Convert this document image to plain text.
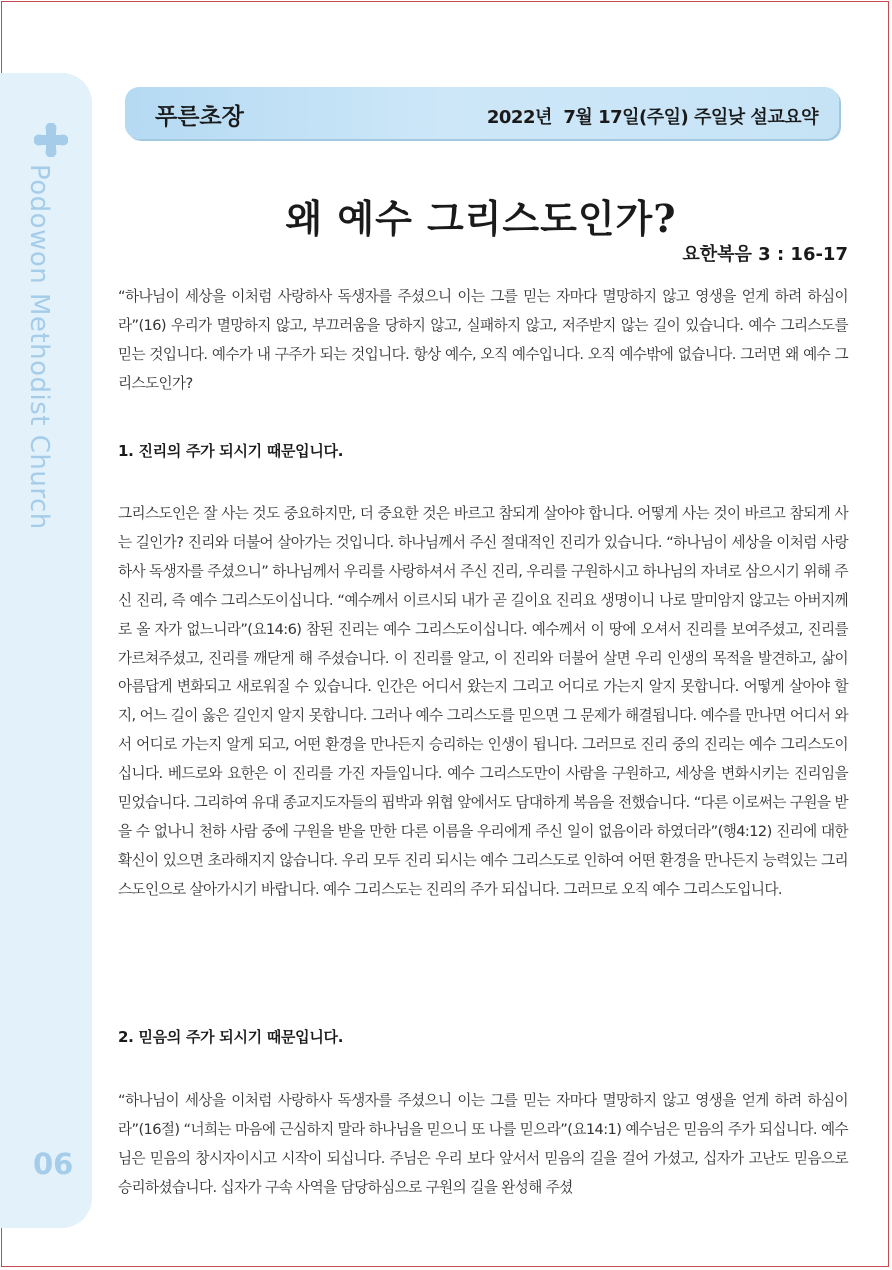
Podowon Methodist Church
06
푸른초장	2022년  7월 17일(주일) 주일낮 설교요약
왜 예수 그리스도인가?
요한복음 3 : 16-17
“하나님이 세상을 이처럼 사랑하사 독생자를 주셨으니 이는 그를 믿는 자마다 멸망하지 않고 영생을 얻게 하려 하심이라”(16) 우리가 멸망하지 않고, 부끄러움을 당하지 않고, 실패하지 않고, 저주받지 않는 길이 있습니다. 예수 그리스도를 믿는 것입니다. 예수가 내 구주가 되는 것입니다. 항상 예수, 오직 예수입니다. 오직 예수밖에 없습니다. 그러면 왜 예수 그리스도인가?
1. 진리의 주가 되시기 때문입니다.
그리스도인은 잘 사는 것도 중요하지만, 더 중요한 것은 바르고 참되게 살아야 합니다. 어떻게 사는 것이 바르고 참되게 사는 길인가? 진리와 더불어 살아가는 것입니다. 하나님께서 주신 절대적인 진리가 있습니다. “하나님이 세상을 이처럼 사랑하사 독생자를 주셨으니” 하나님께서 우리를 사랑하셔서 주신 진리, 우리를 구원하시고 하나님의 자녀로 삼으시기 위해 주신 진리, 즉 예수 그리스도이십니다. “예수께서 이르시되 내가 곧 길이요 진리요 생명이니 나로 말미암지 않고는 아버지께로 올 자가 없느니라”(요14:6) 참된 진리는 예수 그리스도이십니다. 예수께서 이 땅에 오셔서 진리를 보여주셨고, 진리를 가르쳐주셨고, 진리를 깨닫게 해 주셨습니다. 이 진리를 알고, 이 진리와 더불어 살면 우리 인생의 목적을 발견하고, 삶이 아름답게 변화되고 새로워질 수 있습니다. 인간은 어디서 왔는지 그리고 어디로 가는지 알지 못합니다. 어떻게 살아야 할지, 어느 길이 옳은 길인지 알지 못합니다. 그러나 예수 그리스도를 믿으면 그 문제가 해결됩니다. 예수를 만나면 어디서 와서 어디로 가는지 알게 되고, 어떤 환경을 만나든지 승리하는 인생이 됩니다. 그러므로 진리 중의 진리는 예수 그리스도이십니다. 베드로와 요한은 이 진리를 가진 자들입니다. 예수 그리스도만이 사람을 구원하고, 세상을 변화시키는 진리임을 믿었습니다. 그리하여 유대 종교지도자들의 핍박과 위협 앞에서도 담대하게 복음을 전했습니다. “다른 이로써는 구원을 받을 수 없나니 천하 사람 중에 구원을 받을 만한 다른 이름을 우리에게 주신 일이 없음이라 하였더라”(행4:12) 진리에 대한 확신이 있으면 초라해지지 않습니다. 우리 모두 진리 되시는 예수 그리스도로 인하여 어떤 환경을 만나든지 능력있는 그리스도인으로 살아가시기 바랍니다. 예수 그리스도는 진리의 주가 되십니다. 그러므로 오직 예수 그리스도입니다.
2. 믿음의 주가 되시기 때문입니다.
“하나님이 세상을 이처럼 사랑하사 독생자를 주셨으니 이는 그를 믿는 자마다 멸망하지 않고 영생을 얻게 하려 하심이라”(16절) “너희는 마음에 근심하지 말라 하나님을 믿으니 또 나를 믿으라”(요14:1) 예수님은 믿음의 주가 되십니다. 예수님은 믿음의 창시자이시고 시작이 되십니다. 주님은 우리 보다 앞서서 믿음의 길을 걸어 가셨고, 십자가 고난도 믿음으로 승리하셨습니다. 십자가 구속 사역을 담당하심으로 구원의 길을 완성해 주셨
